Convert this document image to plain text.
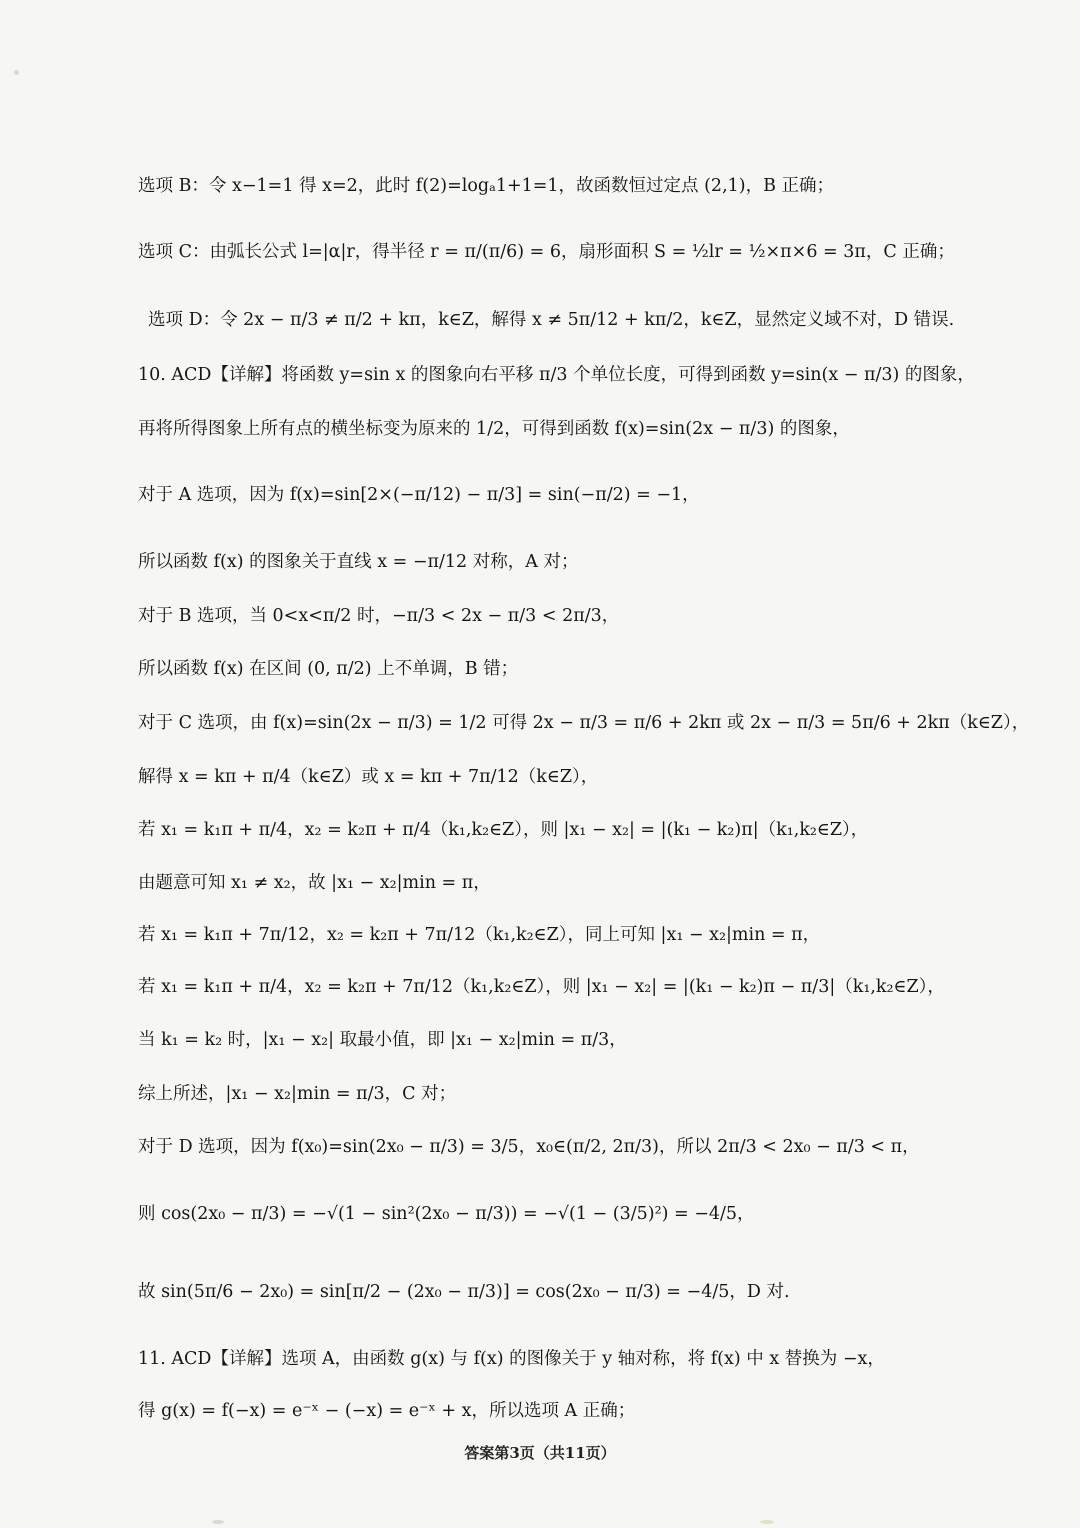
选项 B：令 x−1=1 得 x=2，此时 f(2)=logₐ1+1=1，故函数恒过定点 (2,1)，B 正确；
选项 C：由弧长公式 l=|α|r，得半径 r = π/(π/6) = 6，扇形面积 S = ½lr = ½×π×6 = 3π，C 正确；
选项 D：令 2x − π/3 ≠ π/2 + kπ，k∈Z，解得 x ≠ 5π/12 + kπ/2，k∈Z，显然定义域不对，D 错误.
10. ACD【详解】将函数 y=sin x 的图象向右平移 π/3 个单位长度，可得到函数 y=sin(x − π/3) 的图象，
再将所得图象上所有点的横坐标变为原来的 1/2，可得到函数 f(x)=sin(2x − π/3) 的图象，
对于 A 选项，因为 f(x)=sin[2×(−π/12) − π/3] = sin(−π/2) = −1，
所以函数 f(x) 的图象关于直线 x = −π/12 对称，A 对；
对于 B 选项，当 0<x<π/2 时，−π/3 < 2x − π/3 < 2π/3，
所以函数 f(x) 在区间 (0, π/2) 上不单调，B 错；
对于 C 选项，由 f(x)=sin(2x − π/3) = 1/2 可得 2x − π/3 = π/6 + 2kπ 或 2x − π/3 = 5π/6 + 2kπ（k∈Z），
解得 x = kπ + π/4（k∈Z）或 x = kπ + 7π/12（k∈Z），
若 x₁ = k₁π + π/4，x₂ = k₂π + π/4（k₁,k₂∈Z），则 |x₁ − x₂| = |(k₁ − k₂)π|（k₁,k₂∈Z），
由题意可知 x₁ ≠ x₂，故 |x₁ − x₂|min = π，
若 x₁ = k₁π + 7π/12，x₂ = k₂π + 7π/12（k₁,k₂∈Z），同上可知 |x₁ − x₂|min = π，
若 x₁ = k₁π + π/4，x₂ = k₂π + 7π/12（k₁,k₂∈Z），则 |x₁ − x₂| = |(k₁ − k₂)π − π/3|（k₁,k₂∈Z），
当 k₁ = k₂ 时，|x₁ − x₂| 取最小值，即 |x₁ − x₂|min = π/3，
综上所述，|x₁ − x₂|min = π/3，C 对；
对于 D 选项，因为 f(x₀)=sin(2x₀ − π/3) = 3/5，x₀∈(π/2, 2π/3)，所以 2π/3 < 2x₀ − π/3 < π，
则 cos(2x₀ − π/3) = −√(1 − sin²(2x₀ − π/3)) = −√(1 − (3/5)²) = −4/5，
故 sin(5π/6 − 2x₀) = sin[π/2 − (2x₀ − π/3)] = cos(2x₀ − π/3) = −4/5，D 对.
11. ACD【详解】选项 A，由函数 g(x) 与 f(x) 的图像关于 y 轴对称，将 f(x) 中 x 替换为 −x，
得 g(x) = f(−x) = e⁻ˣ − (−x) = e⁻ˣ + x，所以选项 A 正确；
答案第3页（共11页）
